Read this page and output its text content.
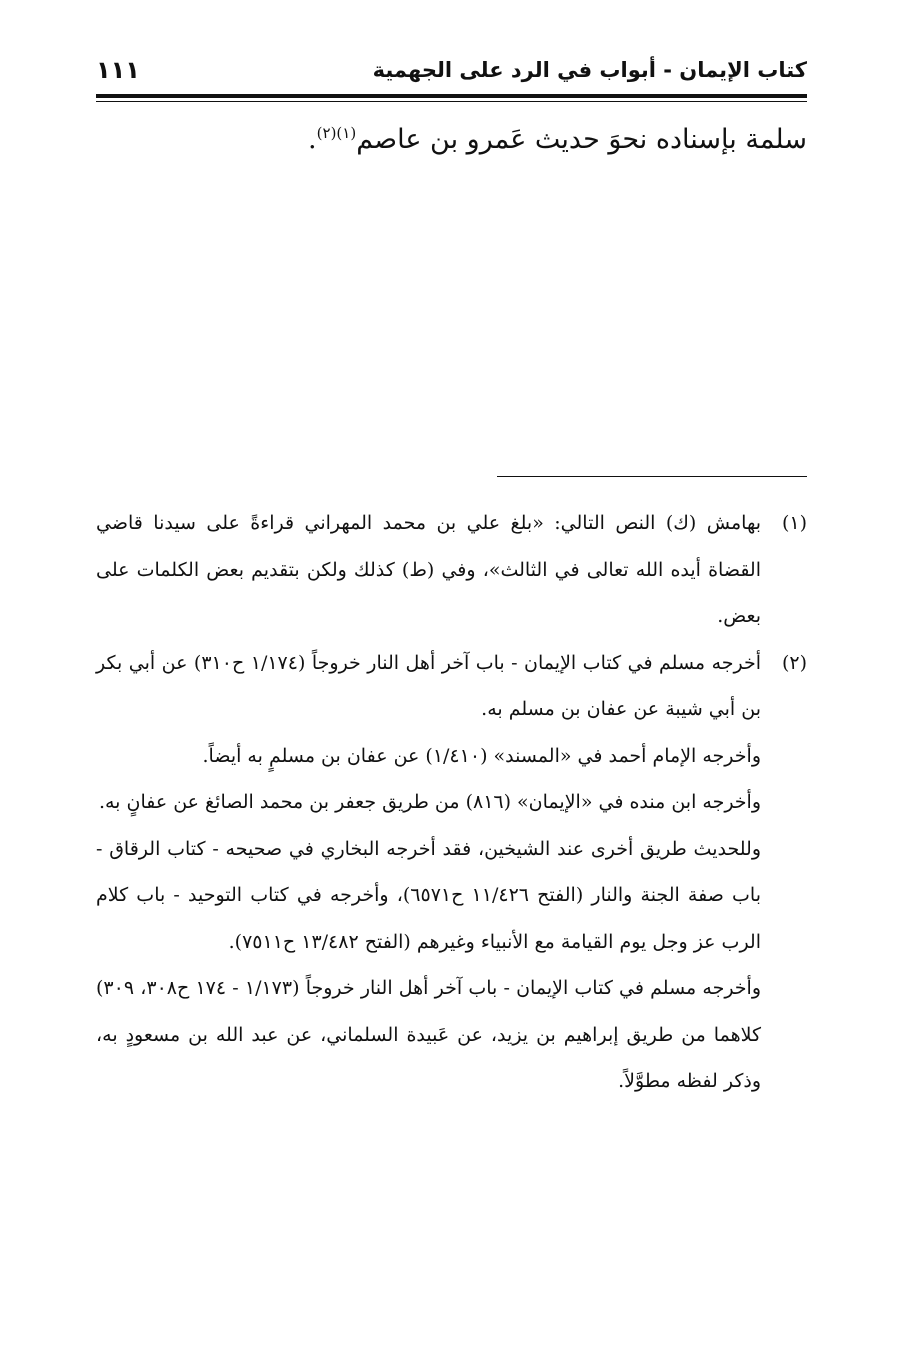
كتاب الإيمان - أبواب في الرد على الجهمية
١١١
سلمة بإسناده نحوَ حديث عَمرو بن عاصم$^{(١)(٢)}$.

(١)بهامش (ك) النص التالي: «بلغ علي بن محمد المهراني قراءةً على سيدنا قاضي القضاة أيده الله تعالى في الثالث»، وفي (ط) كذلك ولكن بتقديم بعض الكلمات على بعض.

(٢)أخرجه مسلم في كتاب الإيمان - باب آخر أهل النار خروجاً (١/١٧٤ ح٣١٠) عن أبي بكر بن أبي شيبة عن عفان بن مسلم به.

وأخرجه الإمام أحمد في «المسند» (١/٤١٠) عن عفان بن مسلمٍ به أيضاً.

وأخرجه ابن منده في «الإيمان» (٨١٦) من طريق جعفر بن محمد الصائغ عن عفانٍ به.

وللحديث طريق أخرى عند الشيخين، فقد أخرجه البخاري في صحيحه - كتاب الرقاق - باب صفة الجنة والنار (الفتح ١١/٤٢٦ ح٦٥٧١)، وأخرجه في كتاب التوحيد - باب كلام الرب عز وجل يوم القيامة مع الأنبياء وغيرهم (الفتح ١٣/٤٨٢ ح٧٥١١).

وأخرجه مسلم في كتاب الإيمان - باب آخر أهل النار خروجاً (١/١٧٣ - ١٧٤ ح٣٠٨، ٣٠٩) كلاهما من طريق إبراهيم بن يزيد، عن عَبيدة السلماني، عن عبد الله بن مسعودٍ به، وذكر لفظه مطوَّلاً.
